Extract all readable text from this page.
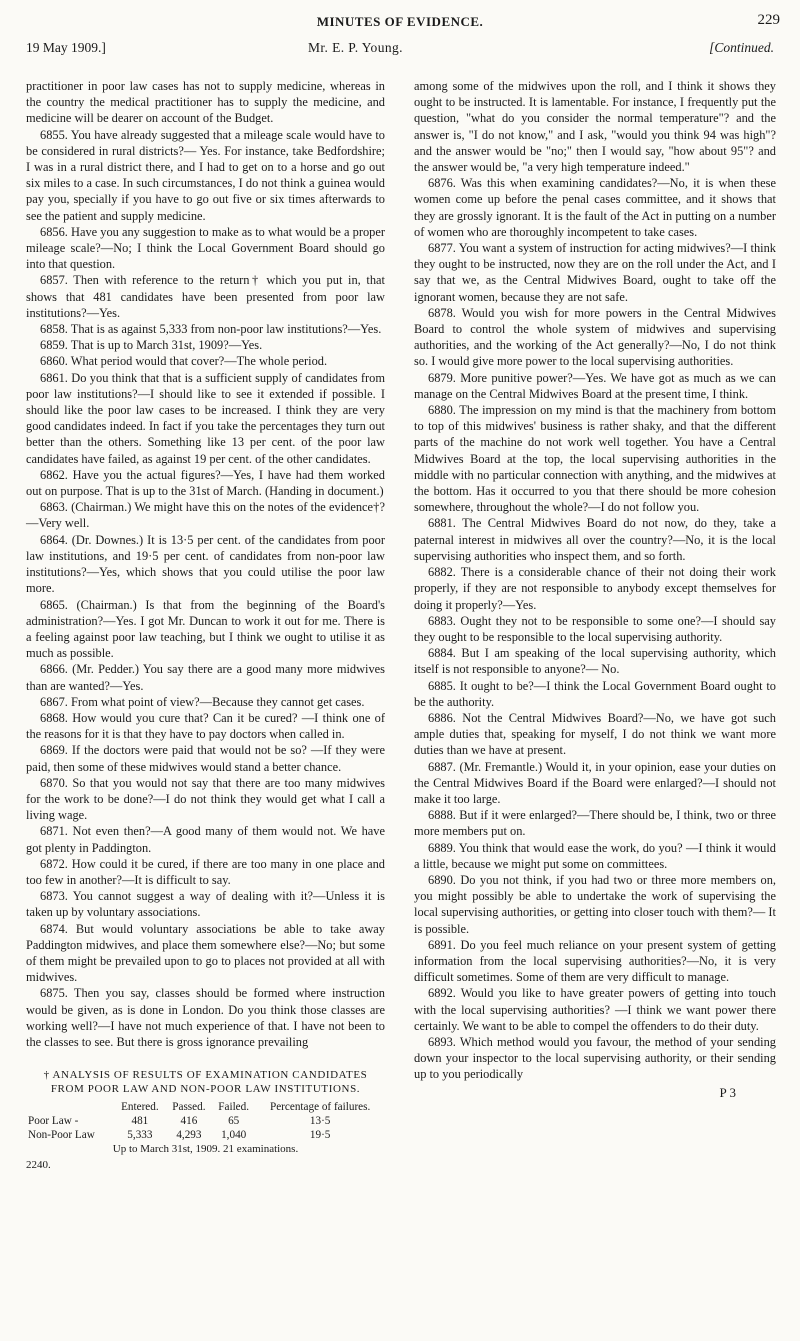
MINUTES OF EVIDENCE.	229
19 May 1909.]	Mr. E. P. Young.	[Continued.

practitioner in poor law cases has not to supply medicine, whereas in the country the medical practitioner has to supply the medicine, and medicine will be dearer on account of the Budget.

6855. You have already suggested that a mileage scale would have to be considered in rural districts?— Yes. For instance, take Bedfordshire; I was in a rural district there, and I had to get on to a horse and go out six miles to a case. In such circumstances, I do not think a guinea would pay you, specially if you have to go out five or six times afterwards to see the patient and supply medicine.

6856. Have you any suggestion to make as to what would be a proper mileage scale?—No; I think the Local Government Board should go into that question.

6857. Then with reference to the return† which you put in, that shows that 481 candidates have been presented from poor law institutions?—Yes.

6858. That is as against 5,333 from non-poor law institutions?—Yes.

6859. That is up to March 31st, 1909?—Yes.

6860. What period would that cover?—The whole period.

6861. Do you think that that is a sufficient supply of candidates from poor law institutions?—I should like to see it extended if possible. I should like the poor law cases to be increased. I think they are very good candidates indeed. In fact if you take the percentages they turn out better than the others. Something like 13 per cent. of the poor law candidates have failed, as against 19 per cent. of the other candidates.

6862. Have you the actual figures?—Yes, I have had them worked out on purpose. That is up to the 31st of March. (Handing in document.)

6863. (Chairman.) We might have this on the notes of the evidence†?—Very well.

6864. (Dr. Downes.) It is 13·5 per cent. of the candidates from poor law institutions, and 19·5 per cent. of candidates from non-poor law institutions?—Yes, which shows that you could utilise the poor law more.

6865. (Chairman.) Is that from the beginning of the Board's administration?—Yes. I got Mr. Duncan to work it out for me. There is a feeling against poor law teaching, but I think we ought to utilise it as much as possible.

6866. (Mr. Pedder.) You say there are a good many more midwives than are wanted?—Yes.

6867. From what point of view?—Because they cannot get cases.

6868. How would you cure that? Can it be cured? —I think one of the reasons for it is that they have to pay doctors when called in.

6869. If the doctors were paid that would not be so? —If they were paid, then some of these midwives would stand a better chance.

6870. So that you would not say that there are too many midwives for the work to be done?—I do not think they would get what I call a living wage.

6871. Not even then?—A good many of them would not. We have got plenty in Paddington.

6872. How could it be cured, if there are too many in one place and too few in another?—It is difficult to say.

6873. You cannot suggest a way of dealing with it?—Unless it is taken up by voluntary associations.

6874. But would voluntary associations be able to take away Paddington midwives, and place them somewhere else?—No; but some of them might be prevailed upon to go to places not provided at all with midwives.

6875. Then you say, classes should be formed where instruction would be given, as is done in London. Do you think those classes are working well?—I have not much experience of that. I have not been to the classes to see. But there is gross ignorance prevailing

† ANALYSIS OF RESULTS OF EXAMINATION CANDIDATES FROM POOR LAW AND NON-POOR LAW INSTITUTIONS.
	Entered.	Passed.	Failed.	Percentage of failures.
Poor Law -	481	416	65	13·5
Non-Poor Law	5,333	4,293	1,040	19·5
Up to March 31st, 1909. 21 examinations.
2240.

among some of the midwives upon the roll, and I think it shows they ought to be instructed. It is lamentable. For instance, I frequently put the question, "what do you consider the normal temperature"? and the answer is, "I do not know," and I ask, "would you think 94 was high"? and the answer would be "no;" then I would say, "how about 95"? and the answer would be, "a very high temperature indeed."

6876. Was this when examining candidates?—No, it is when these women come up before the penal cases committee, and it shows that they are grossly ignorant. It is the fault of the Act in putting on a number of women who are thoroughly incompetent to take cases.

6877. You want a system of instruction for acting midwives?—I think they ought to be instructed, now they are on the roll under the Act, and I say that we, as the Central Midwives Board, ought to take off the ignorant women, because they are not safe.

6878. Would you wish for more powers in the Central Midwives Board to control the whole system of midwives and supervising authorities, and the working of the Act generally?—No, I do not think so. I would give more power to the local supervising authorities.

6879. More punitive power?—Yes. We have got as much as we can manage on the Central Midwives Board at the present time, I think.

6880. The impression on my mind is that the machinery from bottom to top of this midwives' business is rather shaky, and that the different parts of the machine do not work well together. You have a Central Midwives Board at the top, the local supervising authorities in the middle with no particular connection with anything, and the midwives at the bottom. Has it occurred to you that there should be more cohesion somewhere, throughout the whole?—I do not follow you.

6881. The Central Midwives Board do not now, do they, take a paternal interest in midwives all over the country?—No, it is the local supervising authorities who inspect them, and so forth.

6882. There is a considerable chance of their not doing their work properly, if they are not responsible to anybody except themselves for doing it properly?—Yes.

6883. Ought they not to be responsible to some one?—I should say they ought to be responsible to the local supervising authority.

6884. But I am speaking of the local supervising authority, which itself is not responsible to anyone?— No.

6885. It ought to be?—I think the Local Government Board ought to be the authority.

6886. Not the Central Midwives Board?—No, we have got such ample duties that, speaking for myself, I do not think we want more duties than we have at present.

6887. (Mr. Fremantle.) Would it, in your opinion, ease your duties on the Central Midwives Board if the Board were enlarged?—I should not make it too large.

6888. But if it were enlarged?—There should be, I think, two or three more members put on.

6889. You think that would ease the work, do you? —I think it would a little, because we might put some on committees.

6890. Do you not think, if you had two or three more members on, you might possibly be able to undertake the work of supervising the local supervising authorities, or getting into closer touch with them?— It is possible.

6891. Do you feel much reliance on your present system of getting information from the local supervising authorities?—No, it is very difficult sometimes. Some of them are very difficult to manage.

6892. Would you like to have greater powers of getting into touch with the local supervising authorities? —I think we want power there certainly. We want to be able to compel the offenders to do their duty.

6893. Which method would you favour, the method of your sending down your inspector to the local supervising authority, or their sending up to you periodically

P 3
